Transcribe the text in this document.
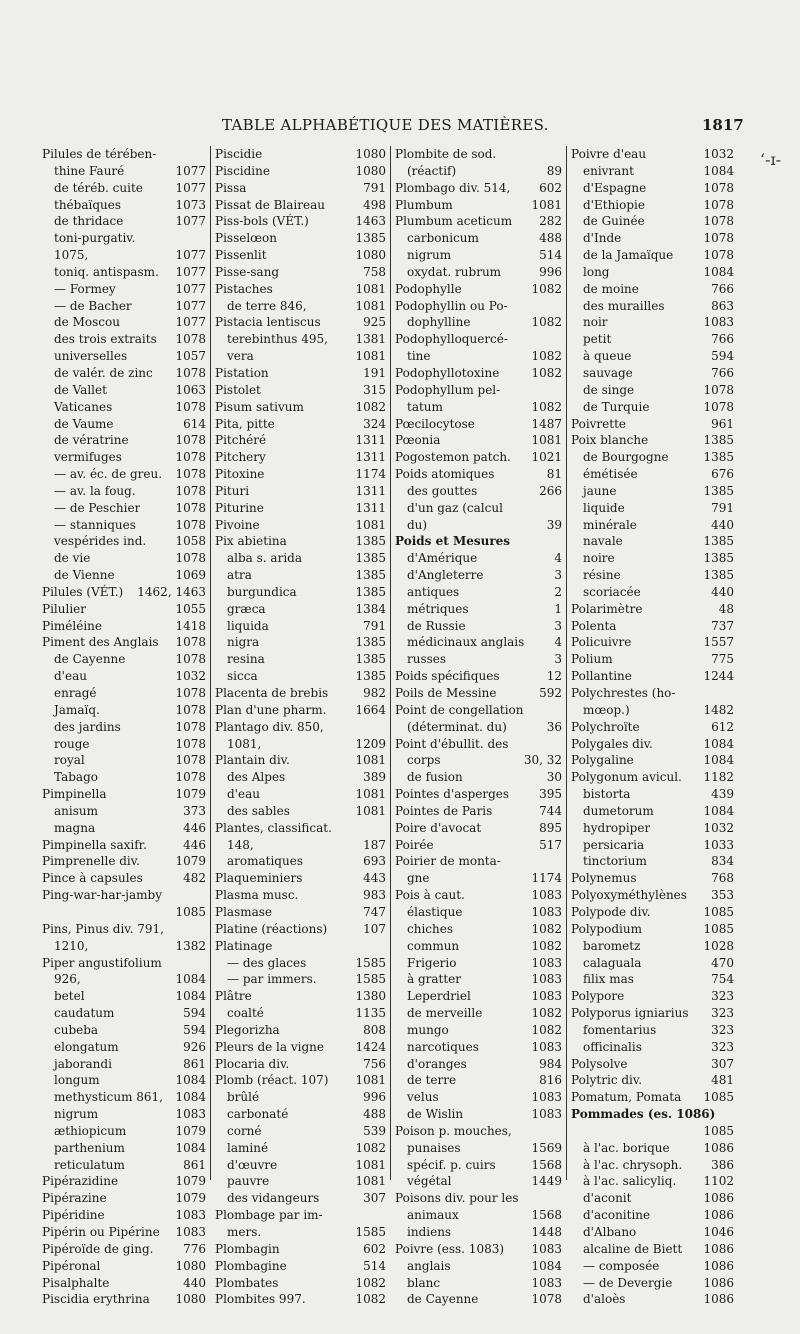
TABLE ALPHABÉTIQUE DES MATIÈRES.	1817
ʻ-ɪ-
Pilules de térében-
thine Fauré	1077
de téréb. cuite	1077
thébaïques	1073
de thridace	1077
toni-purgativ.
1075,	1077
toniq. antispasm. 1077
— Formey	1077
— de Bacher	1077
de Moscou	1077
des trois extraits 1078
universelles	1057
de valér. de zinc 1078
de Vallet	1063
Vaticanes	1078
de Vaume	614
de vératrine	1078
vermifuges	1078
— av. éc. de greu. 1078
— av. la foug.	1078
— de Peschier	1078
— stanniques	1078
vespérides ind. 1058
de vie	1078
de Vienne	1069
Pilules (VÉT.) 1462, 1463
Pilulier	1055
Piméléine	1418
Piment des Anglais 1078
de Cayenne	1078
d'eau	1032
enragé	1078
Jamaïq.	1078
des jardins	1078
rouge	1078
royal	1078
Tabago	1078
Pimpinella	1079
anisum	373
magna	446
Pimpinella saxifr.	446
Pimprenelle div.	1079
Pince à capsules	482
Ping-war-har-jamby
1085
Pins, Pinus div. 791,
1210,	1382
Piper angustifolium
926,	1084
betel	1084
caudatum	594
cubeba	594
elongatum	926
jaborandi	861
longum	1084
methysticum 861, 1084
nigrum	1083
æthiopicum	1079
parthenium	1084
reticulatum	861
Pipérazidine	1079
Pipérazine	1079
Pipéridine	1083
Pipérin ou Pipérine 1083
Pipéroïde de ging. 776
Pipéronal	1080
Pisalphalte	440
Piscidia erythrina 1080
Piscidie	1080
Piscidine	1080
Pissa	791
Pissat de Blaireau	498
Piss-bols (VÉT.)	1463
Pisselœon	1385
Pissenlit	1080
Pisse-sang	758
Pistaches	1081
de terre 846,	1081
Pistacia lentiscus	925
terebinthus 495, 1381
vera	1081
Pistation	191
Pistolet	315
Pisum sativum	1082
Pita, pitte	324
Pitchéré	1311
Pitchery	1311
Pitoxine	1174
Pituri	1311
Piturine	1311
Pivoine	1081
Pix abietina	1385
alba s. arida	1385
atra	1385
burgundica	1385
græca	1384
liquida	791
nigra	1385
resina	1385
sicca	1385
Placenta de brebis	982
Plan d'une pharm. 1664
Plantago div. 850,
1081,	1209
Plantain div.	1081
des Alpes	389
d'eau	1081
des sables	1081
Plantes, classificat.
148,	187
aromatiques	693
Plaqueminiers	443
Plasma musc.	983
Plasmase	747
Platine (réactions)	107
Platinage
— des glaces	1585
— par immers.	1585
Plâtre	1380
coalté	1135
Plegorizha	808
Pleurs de la vigne	1424
Plocaria div.	756
Plomb (réact. 107) 1081
brûlé	996
carbonaté	488
corné	539
laminé	1082
d'œuvre	1081
pauvre	1081
des vidangeurs	307
Plombage par im-
mers.	1585
Plombagin	602
Plombagine	514
Plombates	1082
Plombites 997.	1082
Plombite de sod.
(réactif)	89
Plombago div. 514, 602
Plumbum	1081
Plumbum aceticum 282
carbonicum	488
nigrum	514
oxydat. rubrum	996
Podophylle	1082
Podophyllin ou Po-
dophylline	1082
Podophylloquercé-
tine	1082
Podophyllotoxine	1082
Podophyllum pel-
tatum	1082
Pœcilocytose	1487
Pœonia	1081
Pogostemon patch. 1021
Poids atomiques	81
des gouttes	266
d'un gaz (calcul
du)	39
Poids et Mesures
d'Amérique	4
d'Angleterre	3
antiques	2
métriques	1
de Russie	3
médicinaux anglais	4
russes	3
Poids spécifiques	12
Poils de Messine	592
Point de congellation
(déterminat. du)	36
Point d'ébullit. des
corps	30, 32
de fusion	30
Pointes d'asperges	395
Pointes de Paris	744
Poire d'avocat	895
Poirée	517
Poirier de monta-
gne	1174
Pois à caut.	1083
élastique	1083
chiches	1082
commun	1082
Frigerio	1083
à gratter	1083
Leperdriel	1083
de merveille	1082
mungo	1082
narcotiques	1083
d'oranges	984
de terre	816
velus	1083
de Wislin	1083
Poison p. mouches,
punaises	1569
spécif. p. cuirs	1568
végétal	1449
Poisons div. pour les
animaux	1568
indiens	1448
Poivre (ess. 1083) 1083
anglais	1084
blanc	1083
de Cayenne	1078
Poivre d'eau	1032
enivrant	1084
d'Espagne	1078
d'Ethiopie	1078
de Guinée	1078
d'Inde	1078
de la Jamaïque	1078
long	1084
de moine	766
des murailles	863
noir	1083
petit	766
à queue	594
sauvage	766
de singe	1078
de Turquie	1078
Poivrette	961
Poix blanche	1385
de Bourgogne	1385
émétisée	676
jaune	1385
liquide	791
minérale	440
navale	1385
noire	1385
résine	1385
scoriacée	440
Polarimètre	48
Polenta	737
Policuivre	1557
Polium	775
Pollantine	1244
Polychrestes (ho-
mœop.)	1482
Polychroïte	612
Polygales div.	1084
Polygaline	1084
Polygonum avicul. 1182
bistorta	439
dumetorum	1084
hydropiper	1032
persicaria	1033
tinctorium	834
Polynemus	768
Polyoxyméthylènes 353
Polypode div.	1085
Polypodium	1085
barometz	1028
calaguala	470
filix mas	754
Polypore	323
Polyporus igniarius 323
fomentarius	323
officinalis	323
Polysolve	307
Polytric div.	481
Pomatum, Pomata 1085
Pommades (es. 1086)
1085
à l'ac. borique	1086
à l'ac. chrysoph. 386
à l'ac. salicyliq. 1102
d'aconit	1086
d'aconitine	1086
d'Albano	1046
alcaline de Biett 1086
— composée	1086
— de Devergie	1086
d'aloès	1086
